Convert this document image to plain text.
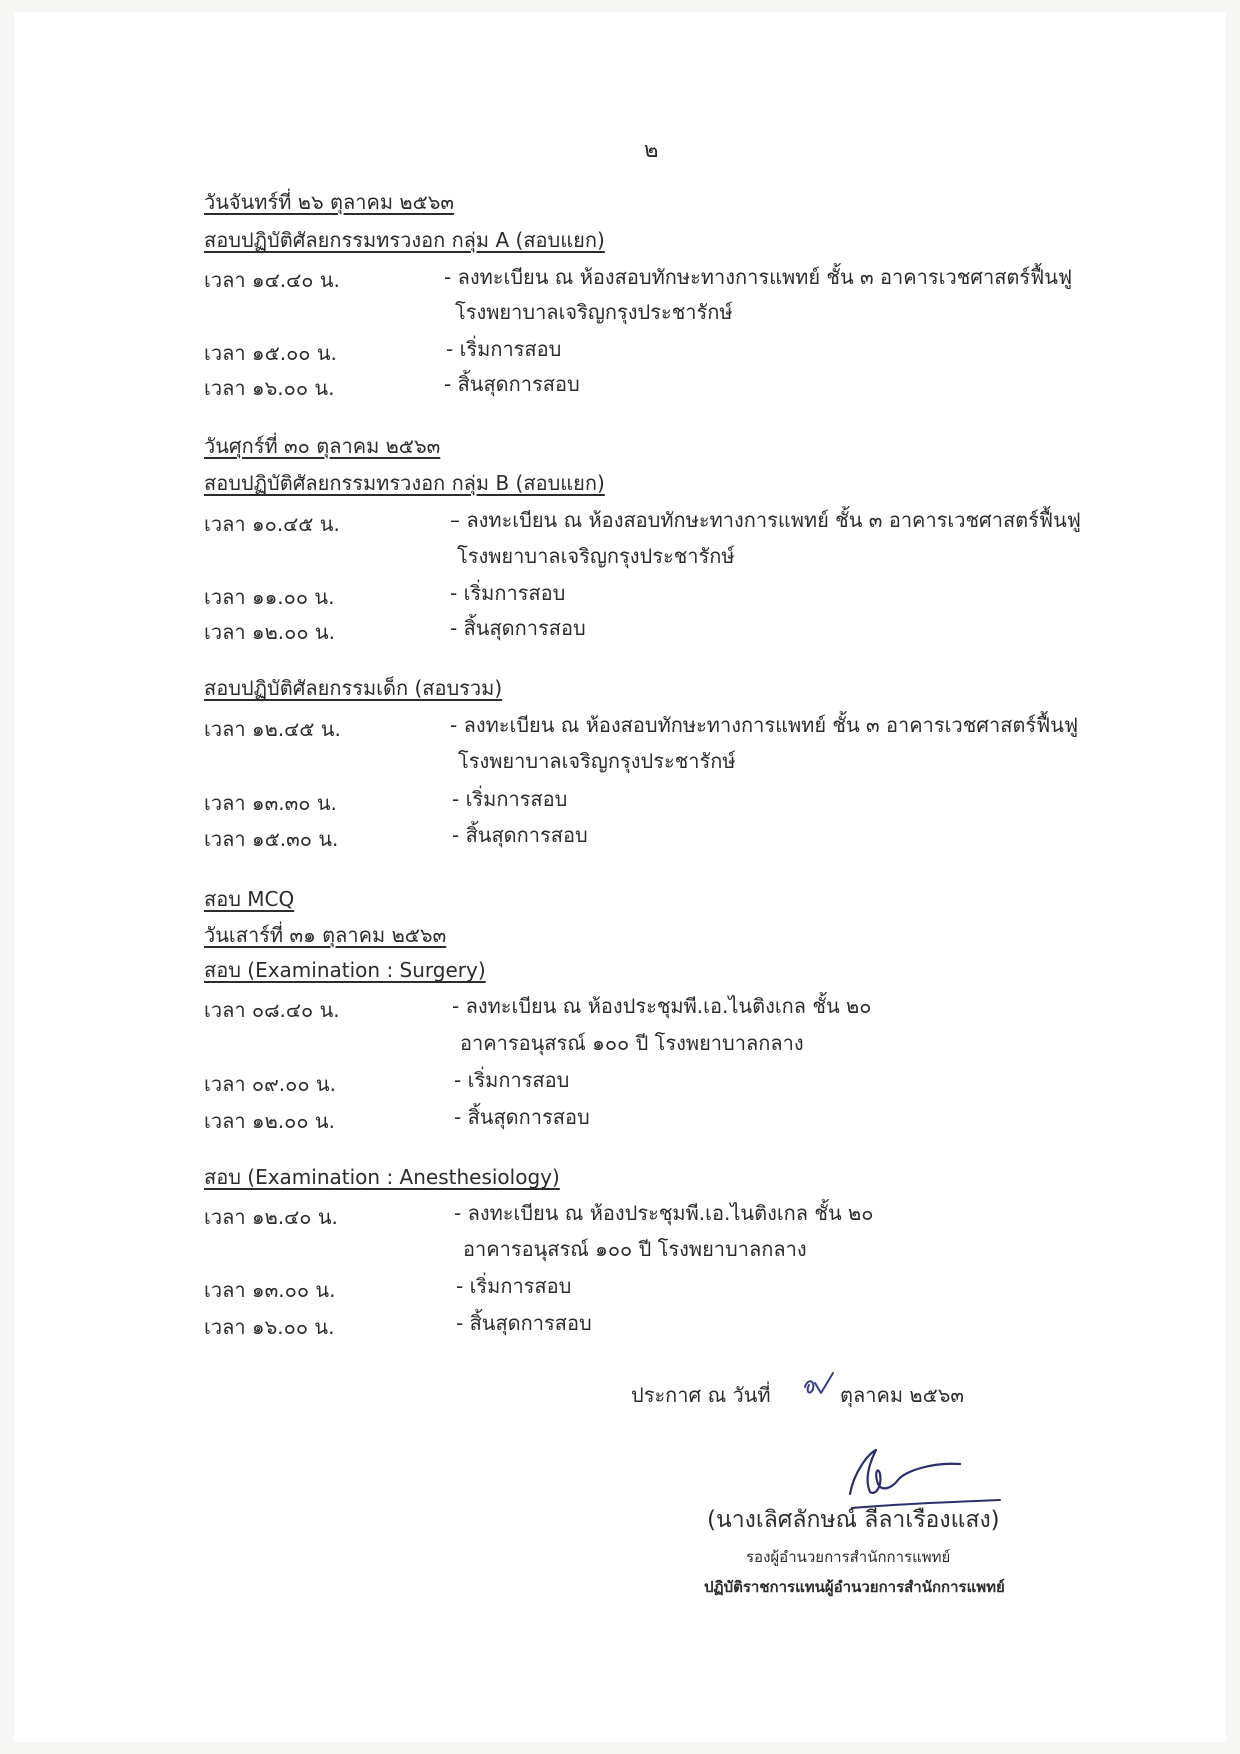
๒
วันจันทร์ที่ ๒๖ ตุลาคม ๒๕๖๓
สอบปฏิบัติศัลยกรรมทรวงอก กลุ่ม A (สอบแยก)
เวลา ๑๔.๔๐ น.	- ลงทะเบียน ณ ห้องสอบทักษะทางการแพทย์ ชั้น ๓ อาคารเวชศาสตร์ฟื้นฟู
โรงพยาบาลเจริญกรุงประชารักษ์
เวลา ๑๕.๐๐ น.	- เริ่มการสอบ
เวลา ๑๖.๐๐ น.	- สิ้นสุดการสอบ
วันศุกร์ที่ ๓๐ ตุลาคม ๒๕๖๓
สอบปฏิบัติศัลยกรรมทรวงอก กลุ่ม B (สอบแยก)
เวลา ๑๐.๔๕ น.	– ลงทะเบียน ณ ห้องสอบทักษะทางการแพทย์ ชั้น ๓ อาคารเวชศาสตร์ฟื้นฟู
โรงพยาบาลเจริญกรุงประชารักษ์
เวลา ๑๑.๐๐ น.	- เริ่มการสอบ
เวลา ๑๒.๐๐ น.	- สิ้นสุดการสอบ
สอบปฏิบัติศัลยกรรมเด็ก (สอบรวม)
เวลา ๑๒.๔๕ น.	- ลงทะเบียน ณ ห้องสอบทักษะทางการแพทย์ ชั้น ๓ อาคารเวชศาสตร์ฟื้นฟู
โรงพยาบาลเจริญกรุงประชารักษ์
เวลา ๑๓.๓๐ น.	- เริ่มการสอบ
เวลา ๑๕.๓๐ น.	- สิ้นสุดการสอบ
สอบ MCQ
วันเสาร์ที่ ๓๑ ตุลาคม ๒๕๖๓
สอบ (Examination : Surgery)
เวลา ๐๘.๔๐ น.	- ลงทะเบียน ณ ห้องประชุมพี.เอ.ไนติงเกล ชั้น ๒๐
อาคารอนุสรณ์ ๑๐๐ ปี โรงพยาบาลกลาง
เวลา ๐๙.๐๐ น.	- เริ่มการสอบ
เวลา ๑๒.๐๐ น.	- สิ้นสุดการสอบ
สอบ (Examination : Anesthesiology)
เวลา ๑๒.๔๐ น.	- ลงทะเบียน ณ ห้องประชุมพี.เอ.ไนติงเกล ชั้น ๒๐
อาคารอนุสรณ์ ๑๐๐ ปี โรงพยาบาลกลาง
เวลา ๑๓.๐๐ น.	- เริ่มการสอบ
เวลา ๑๖.๐๐ น.	- สิ้นสุดการสอบ
ประกาศ ณ วันที่	ตุลาคม ๒๕๖๓
(นางเลิศลักษณ์ ลีลาเรืองแสง)
รองผู้อำนวยการสำนักการแพทย์
ปฏิบัติราชการแทนผู้อำนวยการสำนักการแพทย์
